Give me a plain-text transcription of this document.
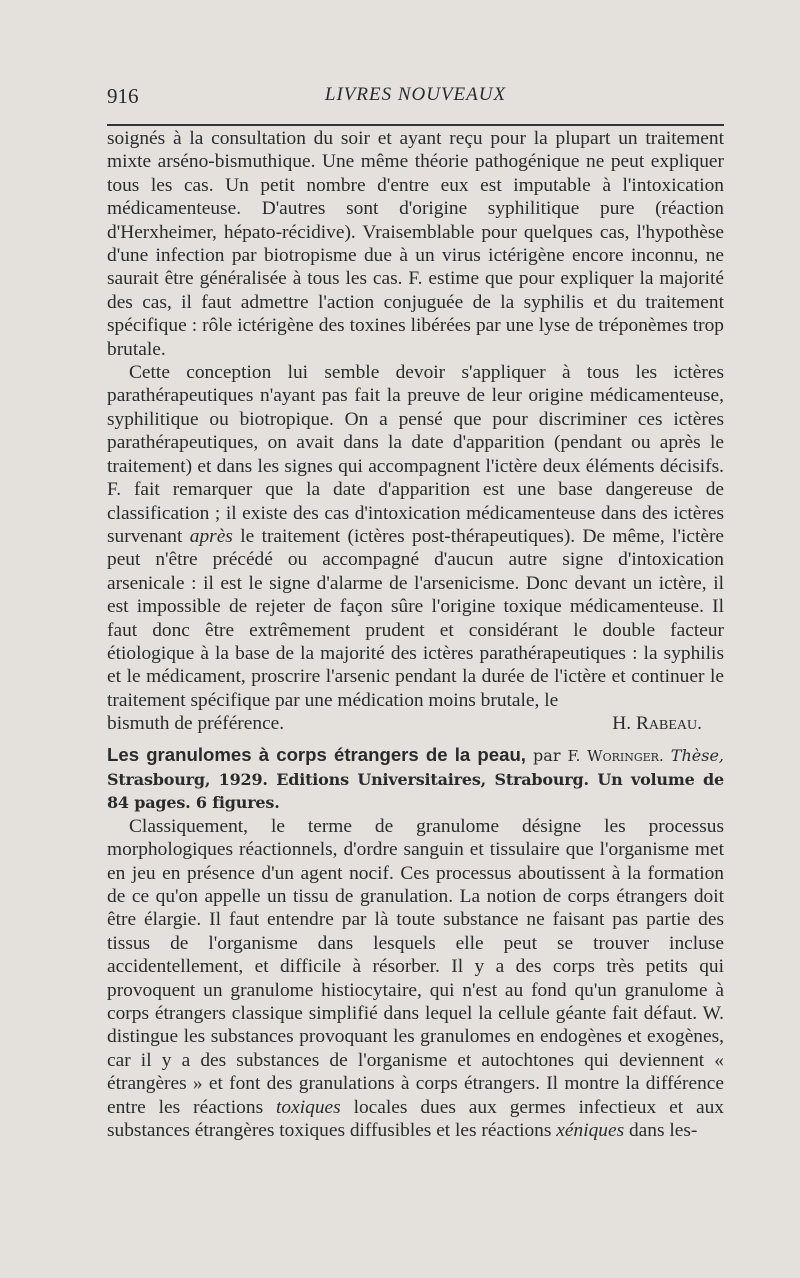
916	LIVRES NOUVEAUX

soignés à la consultation du soir et ayant reçu pour la plupart un traitement mixte arséno-bismuthique. Une même théorie pathogénique ne peut expliquer tous les cas. Un petit nombre d'entre eux est imputable à l'intoxication médicamenteuse. D'autres sont d'origine syphilitique pure (réaction d'Herxheimer, hépato-récidive). Vraisemblable pour quelques cas, l'hypothèse d'une infection par biotropisme due à un virus ictérigène encore inconnu, ne saurait être généralisée à tous les cas. F. estime que pour expliquer la majorité des cas, il faut admettre l'action conjuguée de la syphilis et du traitement spécifique : rôle ictérigène des toxines libérées par une lyse de tréponèmes trop brutale.

Cette conception lui semble devoir s'appliquer à tous les ictères parathérapeutiques n'ayant pas fait la preuve de leur origine médicamenteuse, syphilitique ou biotropique. On a pensé que pour discriminer ces ictères parathérapeutiques, on avait dans la date d'apparition (pendant ou après le traitement) et dans les signes qui accompagnent l'ictère deux éléments décisifs. F. fait remarquer que la date d'apparition est une base dangereuse de classification ; il existe des cas d'intoxication médicamenteuse dans des ictères survenant après le traitement (ictères post-thérapeutiques). De même, l'ictère peut n'être précédé ou accompagné d'aucun autre signe d'intoxication arsenicale : il est le signe d'alarme de l'arsenicisme. Donc devant un ictère, il est impossible de rejeter de façon sûre l'origine toxique médicamenteuse. Il faut donc être extrêmement prudent et considérant le double facteur étiologique à la base de la majorité des ictères parathérapeutiques : la syphilis et le médicament, proscrire l'arsenic pendant la durée de l'ictère et continuer le traitement spécifique par une médication moins brutale, le

bismuth de préférence.	H. Rabeau.

Les granulomes à corps étrangers de la peau, par F. Woringer. Thèse, Strasbourg, 1929. Editions Universitaires, Strabourg. Un volume de 84 pages. 6 figures.

Classiquement, le terme de granulome désigne les processus morphologiques réactionnels, d'ordre sanguin et tissulaire que l'organisme met en jeu en présence d'un agent nocif. Ces processus aboutissent à la formation de ce qu'on appelle un tissu de granulation. La notion de corps étrangers doit être élargie. Il faut entendre par là toute substance ne faisant pas partie des tissus de l'organisme dans lesquels elle peut se trouver incluse accidentellement, et difficile à résorber. Il y a des corps très petits qui provoquent un granulome histiocytaire, qui n'est au fond qu'un granulome à corps étrangers classique simplifié dans lequel la cellule géante fait défaut. W. distingue les substances provoquant les granulomes en endogènes et exogènes, car il y a des substances de l'organisme et autochtones qui deviennent « étrangères » et font des granulations à corps étrangers. Il montre la différence entre les réactions toxiques locales dues aux germes infectieux et aux substances étrangères toxiques diffusibles et les réactions xéniques dans les-
